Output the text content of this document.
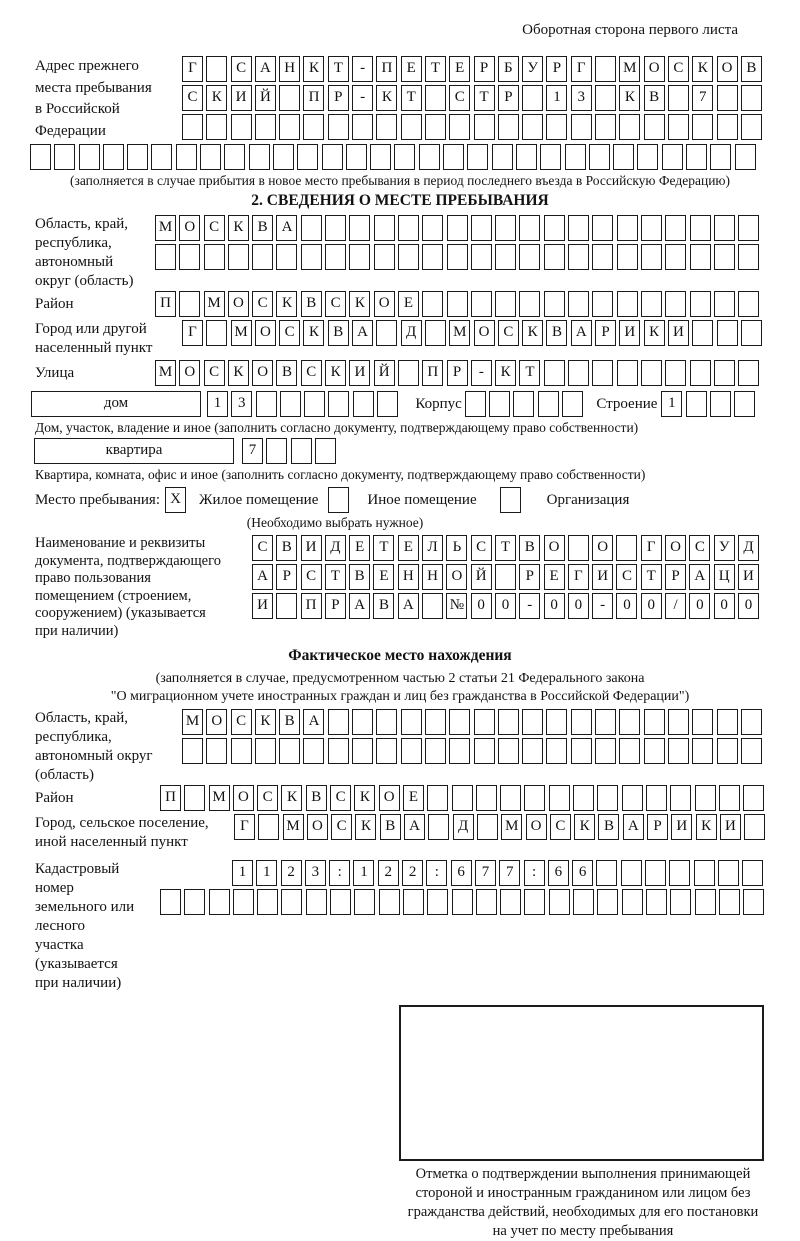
Оборотная сторона первого листа
Адрес прежнего
места пребывания
в Российской
Федерации
Г	С А Н К Т - П Е Т Е Р Б У Р Г	М О С К О В
С К И Й	П Р - К Т	С Т Р	1 3	К В	7
(заполняется в случае прибытия в новое место пребывания в период последнего въезда в Российскую Федерацию)
2. СВЕДЕНИЯ О МЕСТЕ ПРЕБЫВАНИЯ
Область, край,
республика,
автономный
округ (область)
М О С К В А
Район	П М О С К В С К О Е
Город или другой
населенный пункт
Г	М О С К В А	Д М О С К В А Р И К И
Улица	М О С К О В С К И Й	П Р - К Т
дом	1 3	Корпус	Строение 1
Дом, участок, владение и иное (заполнить согласно документу, подтверждающему право собственности)
квартира	7
Квартира, комната, офис и иное (заполнить согласно документу, подтверждающему право собственности)
Место пребывания: X	Жилое помещение	Иное помещение	Организация
(Необходимо выбрать нужное)
Наименование и реквизиты
документа, подтверждающего
право пользования
помещением (строением,
сооружением) (указывается
при наличии)
С В И Д Е Т Е Л Ь С Т В О	О	Г О С У Д
А Р С Т В Е Н Н О Й	Р Е Г И С Т Р А Ц И
И	П Р А В А № 0 0 - 0 0 - 0 0 / 0 0 0
Фактическое место нахождения
(заполняется в случае, предусмотренном частью 2 статьи 21 Федерального закона
"О миграционном учете иностранных граждан и лиц без гражданства в Российской Федерации")
Область, край,
республика,
автономный округ
(область)
М О С К В А
Район	П М О С К В С К О Е
Город, сельское поселение,
иной населенный пункт
Г	М О С К В А	Д М О С К В А Р И К И
Кадастровый номер
земельного или лесного
участка (указывается
при наличии)
1 1 2 3 : 1 2 2 : 6 7 7 : 6 6
Отметка о подтверждении выполнения принимающей
стороной и иностранным гражданином или лицом без
гражданства действий, необходимых для его постановки
на учет по месту пребывания
